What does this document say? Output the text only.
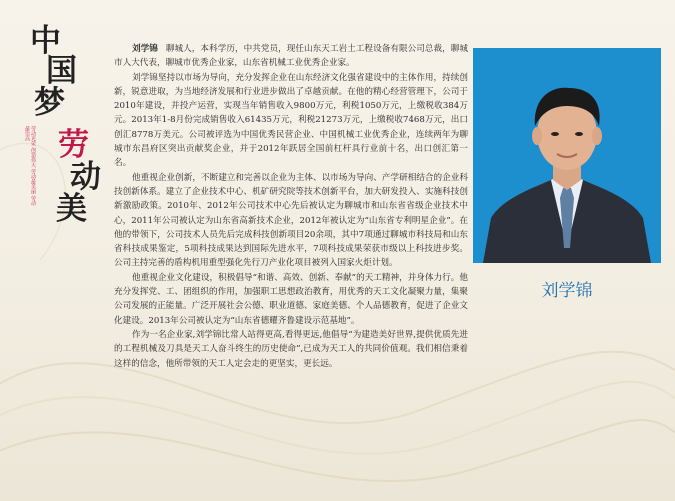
中
国
梦
劳
动
美
劳动光荣 创造伟大 劳动最美丽 劳动最崇高

刘学锦 聊城人，本科学历，中共党员，现任山东天工岩土工程设备有限公司总裁，聊城市人大代表，聊城市优秀企业家，山东省机械工业优秀企业家。

刘学锦坚持以市场为导向，充分发挥企业在山东经济文化强省建设中的主体作用，持续创新，锐意进取，为当地经济发展和行业进步做出了卓越贡献。在他的精心经营管理下，公司于2010年建设，并投产运营，实现当年销售收入9800万元，利税1050万元，上缴税收384万元。2013年1-8月份完成销售收入61435万元，利税21273万元，上缴税收7468万元，出口创汇8778万美元。公司被评选为中国优秀民营企业、中国机械工业优秀企业，连续两年为聊城市东昌府区突出贡献奖企业，并于2012年跃居全国前杠杆具行业前十名，出口创汇第一名。

他重视企业创新，不断建立和完善以企业为主体、以市场为导向、产学研相结合的企业科技创新体系。建立了企业技术中心、机矿研究院等技术创新平台，加大研发投入、实施科技创新激励政策。2010年、2012年公司技术中心先后被认定为聊城市和山东省省级企业技术中心，2011年公司被认定为山东省高新技术企业，2012年被认定为“山东省专利明星企业”。在他的带领下，公司技术人员先后完成科技创新项目20余项，其中7项通过聊城市科技局和山东省科技成果鉴定，5项科技成果达到国际先进水平，7项科技成果荣获市级以上科技进步奖。公司主持完善的盾构机用重型强化先行刀产业化项目被列入国家火炬计划。

他重视企业文化建设，积极倡导“和谐、高效、创新、奉献”的天工精神，并身体力行。他充分发挥党、工、团组织的作用，加强职工思想政治教育，用优秀的天工文化凝聚力量，集聚公司发展的正能量。广泛开展社会公德、职业道德、家庭美德、个人品德教育，促进了企业文化建设。2013年公司被认定为“山东省德耀齐鲁建设示范基地”。

作为一名企业家,刘学锦比常人站得更高,看得更远,他倡导“为建造美好世界,提供优质先进的工程机械及刀具是天工人奋斗终生的历史使命”,已成为天工人的共同价值观。我们相信秉着这样的信念，他所带领的天工人定会走的更坚实，更长远。

刘学锦
